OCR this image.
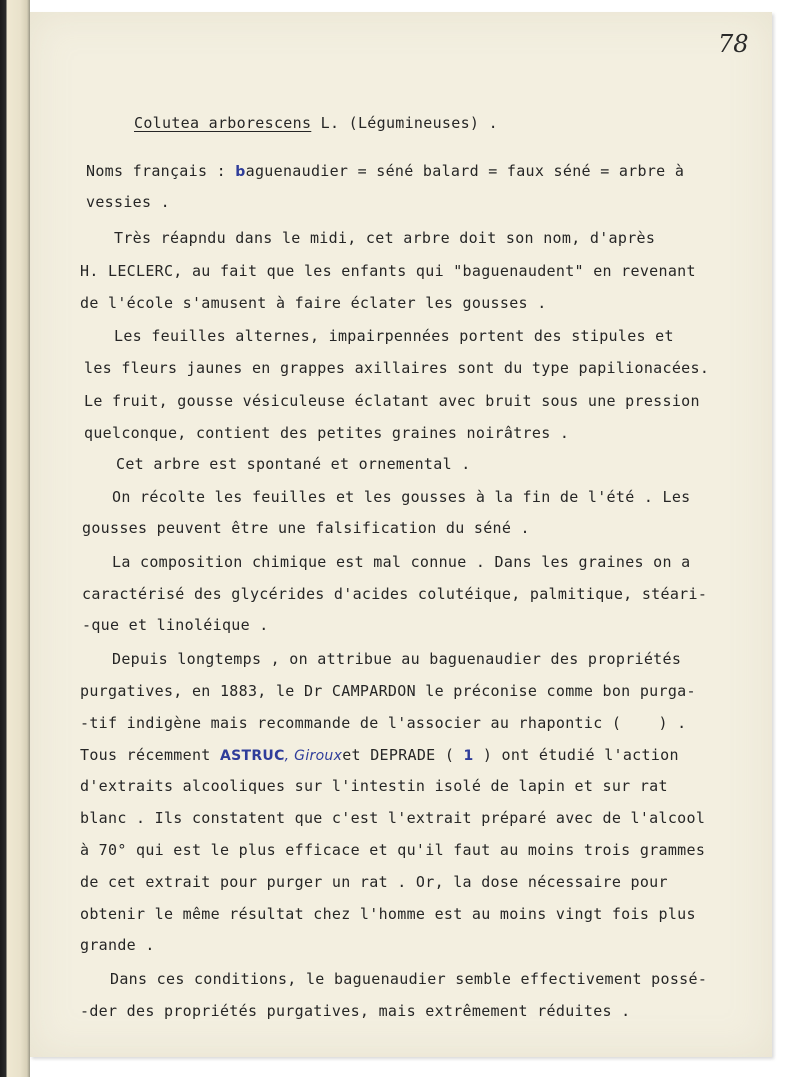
78
Colutea arborescens L. (Légumineuses) .
Noms français : baguenaudier = séné balard = faux séné = arbre à
vessies .
Très réapndu dans le midi, cet arbre doit son nom, d'après
H. LECLERC, au fait que les enfants qui "baguenaudent" en revenant
de l'école s'amusent à faire éclater les gousses .
Les feuilles alternes, impairpennées portent des stipules et
les fleurs jaunes en grappes axillaires sont du type papilionacées.
Le fruit, gousse vésiculeuse éclatant avec bruit sous une pression
quelconque, contient des petites graines noirâtres .
Cet arbre est spontané et ornemental .
On récolte les feuilles et les gousses à la fin de l'été . Les
gousses peuvent être une falsification du séné .
La composition chimique est mal connue . Dans les graines on a
caractérisé des glycérides d'acides colutéique, palmitique, stéari-
-que et linoléique .
Depuis longtemps , on attribue au baguenaudier des propriétés
purgatives, en 1883, le Dr CAMPARDON le préconise comme bon purga-
-tif indigène mais recommande de l'associer au rhapontic (    ) .
Tous récemment ASTRUC, Girouxet DEPRADE ( 1 ) ont étudié l'action
d'extraits alcooliques sur l'intestin isolé de lapin et sur rat
blanc . Ils constatent que c'est l'extrait préparé avec de l'alcool
à 70° qui est le plus efficace et qu'il faut au moins trois grammes
de cet extrait pour purger un rat . Or, la dose nécessaire pour
obtenir le même résultat chez l'homme est au moins vingt fois plus
grande .
Dans ces conditions, le baguenaudier semble effectivement possé-
-der des propriétés purgatives, mais extrêmement réduites .
